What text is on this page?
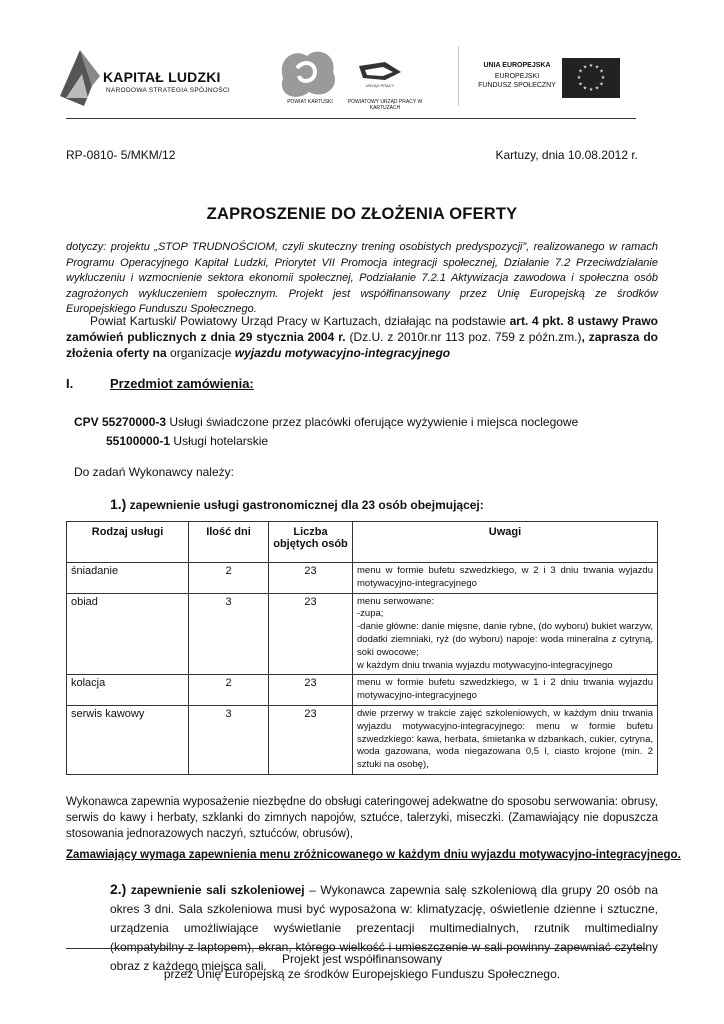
KAPITAŁ LUDZKI
NARODOWA STRATEGIA SPÓJNOŚCI
POWIAT KARTUSKI
URZĄD PRACY
POWIATOWY URZĄD PRACY W KARTUZACH
UNIA EUROPEJSKA
EUROPEJSKI
FUNDUSZ SPOŁECZNY
★ ★
★
★
★
★
★
★
★
★
★
★
RP-0810- 5/MKM/12	Kartuzy, dnia 10.08.2012 r.
ZAPROSZENIE DO ZŁOŻENIA OFERTY
dotyczy: projektu „STOP TRUDNOŚCIOM, czyli skuteczny trening osobistych predyspozycji”, realizowanego w ramach Programu Operacyjnego Kapitał Ludzki, Priorytet VII Promocja integracji społecznej, Działanie 7.2 Przeciwdziałanie wykluczeniu i wzmocnienie sektora ekonomii społecznej, Podziałanie 7.2.1 Aktywizacja zawodowa i społeczna osób zagrożonych wykluczeniem społecznym. Projekt jest współfinansowany przez Unię Europejską ze środków Europejskiego Funduszu Społecznego.
Powiat Kartuski/ Powiatowy Urząd Pracy w Kartuzach, działając na podstawie art. 4 pkt. 8 ustawy Prawo zamówień publicznych z dnia 29 stycznia 2004 r. (Dz.U. z 2010r.nr 113 poz. 759 z późn.zm.), zaprasza do złożenia oferty na organizacje wyjazdu motywacyjno-integracyjnego
I.	Przedmiot zamówienia:
CPV 55270000-3 Usługi świadczone przez placówki oferujące wyżywienie i miejsca noclegowe
55100000-1 Usługi hotelarskie
Do zadań Wykonawcy należy:
1.) zapewnienie usługi gastronomicznej dla 23 osób obejmującej:
Rodzaj usługi	Ilość dni	Liczba objętych osób	Uwagi
śniadanie	2	23	menu w formie bufetu szwedzkiego, w 2 i 3 dniu trwania wyjazdu motywacyjno-integracyjnego
obiad	3	23	menu serwowane:
-zupa;
-danie główne: danie mięsne, danie rybne, (do wyboru) bukiet warzyw, dodatki ziemniaki, ryż (do wyboru) napoje: woda mineralna z cytryną, soki owocowe;
w każdym dniu trwania wyjazdu motywacyjno-integracyjnego
kolacja	2	23	menu w formie bufetu szwedzkiego, w 1 i 2 dniu trwania wyjazdu motywacyjno-integracyjnego
serwis kawowy	3	23	dwie przerwy w trakcie zajęć szkoleniowych, w każdym dniu trwania wyjazdu motywacyjno-integracyjnego: menu w formie bufetu szwedzkiego: kawa, herbata, śmietanka w dzbankach, cukier, cytryna, woda gazowana, woda niegazowana 0,5 l, ciasto krojone (min. 2 sztuki na osobę),
Wykonawca zapewnia wyposażenie niezbędne do obsługi cateringowej adekwatne do sposobu serwowania: obrusy, serwis do kawy i herbaty, szklanki do zimnych napojów, sztućce, talerzyki, miseczki. (Zamawiający nie dopuszcza stosowania jednorazowych naczyń, sztućców, obrusów),
Zamawiający wymaga zapewnienia menu zróżnicowanego w każdym dniu wyjazdu motywacyjno-integracyjnego.
2.) zapewnienie sali szkoleniowej – Wykonawca zapewnia salę szkoleniową dla grupy 20 osób na okres 3 dni. Sala szkoleniowa musi być wyposażona w: klimatyzację, oświetlenie dzienne i sztuczne, urządzenia umożliwiające wyświetlanie prezentacji multimedialnych, rzutnik multimedialny (kompatybilny z laptopem), ekran, którego wielkość i umieszczenie w sali powinny zapewniać czytelny obraz z każdego miejsca sali.	Projekt jest współfinansowany
przez Unię Europejską ze środków Europejskiego Funduszu Społecznego.
